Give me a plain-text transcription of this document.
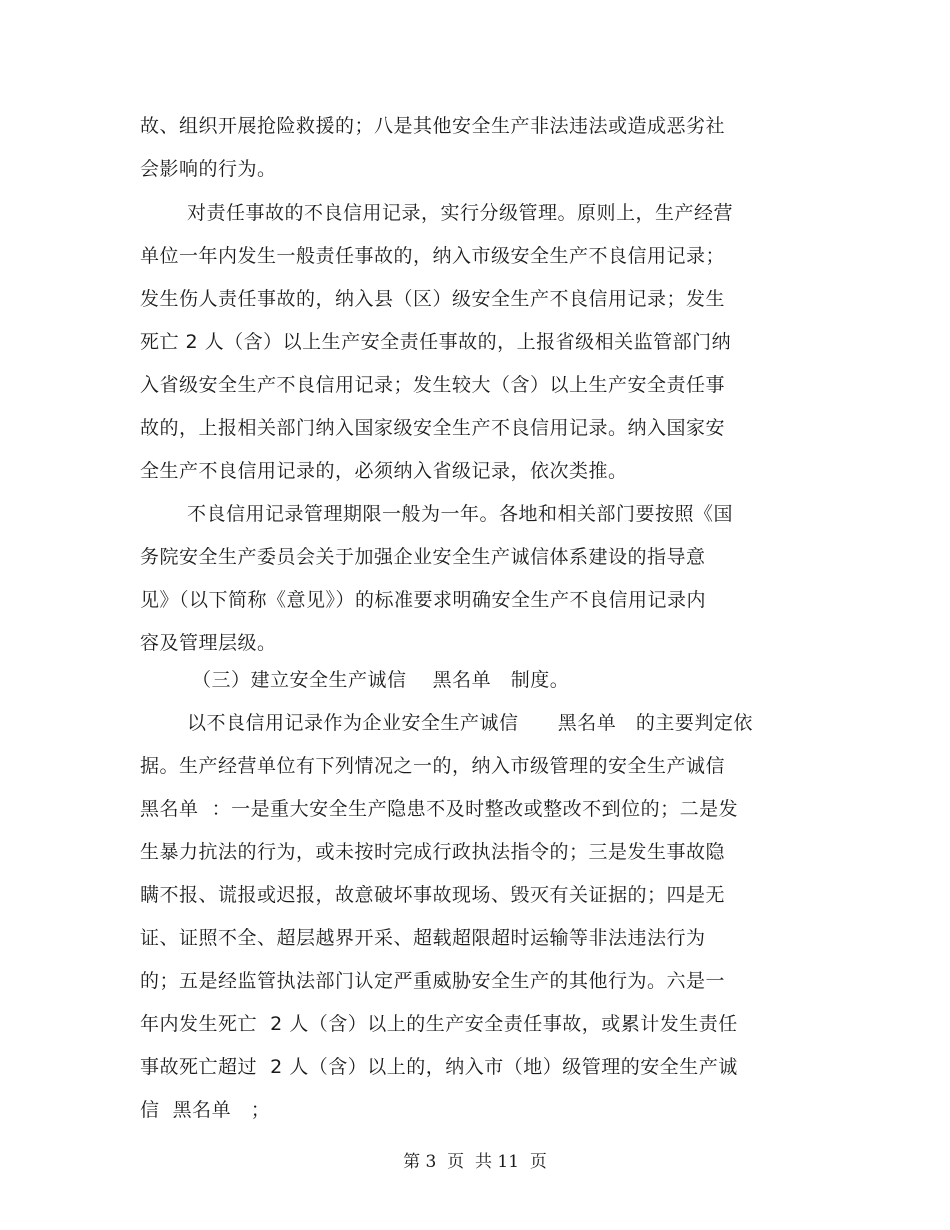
故、组织开展抢险救援的；八是其他安全生产非法违法或造成恶劣社
会影响的行为。
对责任事故的不良信用记录，实行分级管理。原则上，生产经营
单位一年内发生一般责任事故的，纳入市级安全生产不良信用记录；
发生伤人责任事故的，纳入县（区）级安全生产不良信用记录；发生
死亡 2 人（含）以上生产安全责任事故的，上报省级相关监管部门纳
入省级安全生产不良信用记录；发生较大（含）以上生产安全责任事
故的，上报相关部门纳入国家级安全生产不良信用记录。纳入国家安
全生产不良信用记录的，必须纳入省级记录，依次类推。
不良信用记录管理期限一般为一年。各地和相关部门要按照《国
务院安全生产委员会关于加强企业安全生产诚信体系建设的指导意
见》（以下简称《意见》）的标准要求明确安全生产不良信用记录内
容及管理层级。
（三）建立安全生产诚信    黑名单   制度。
以不良信用记录作为企业安全生产诚信      黑名单   的主要判定依
据。生产经营单位有下列情况之一的，纳入市级管理的安全生产诚信
黑名单  ：一是重大安全生产隐患不及时整改或整改不到位的；二是发
生暴力抗法的行为，或未按时完成行政执法指令的；三是发生事故隐
瞒不报、谎报或迟报，故意破坏事故现场、毁灭有关证据的；四是无
证、证照不全、超层越界开采、超载超限超时运输等非法违法行为
的；五是经监管执法部门认定严重威胁安全生产的其他行为。六是一
年内发生死亡  2 人（含）以上的生产安全责任事故，或累计发生责任
事故死亡超过  2 人（含）以上的，纳入市（地）级管理的安全生产诚
信  黑名单   ；
第 3  页  共 11  页
